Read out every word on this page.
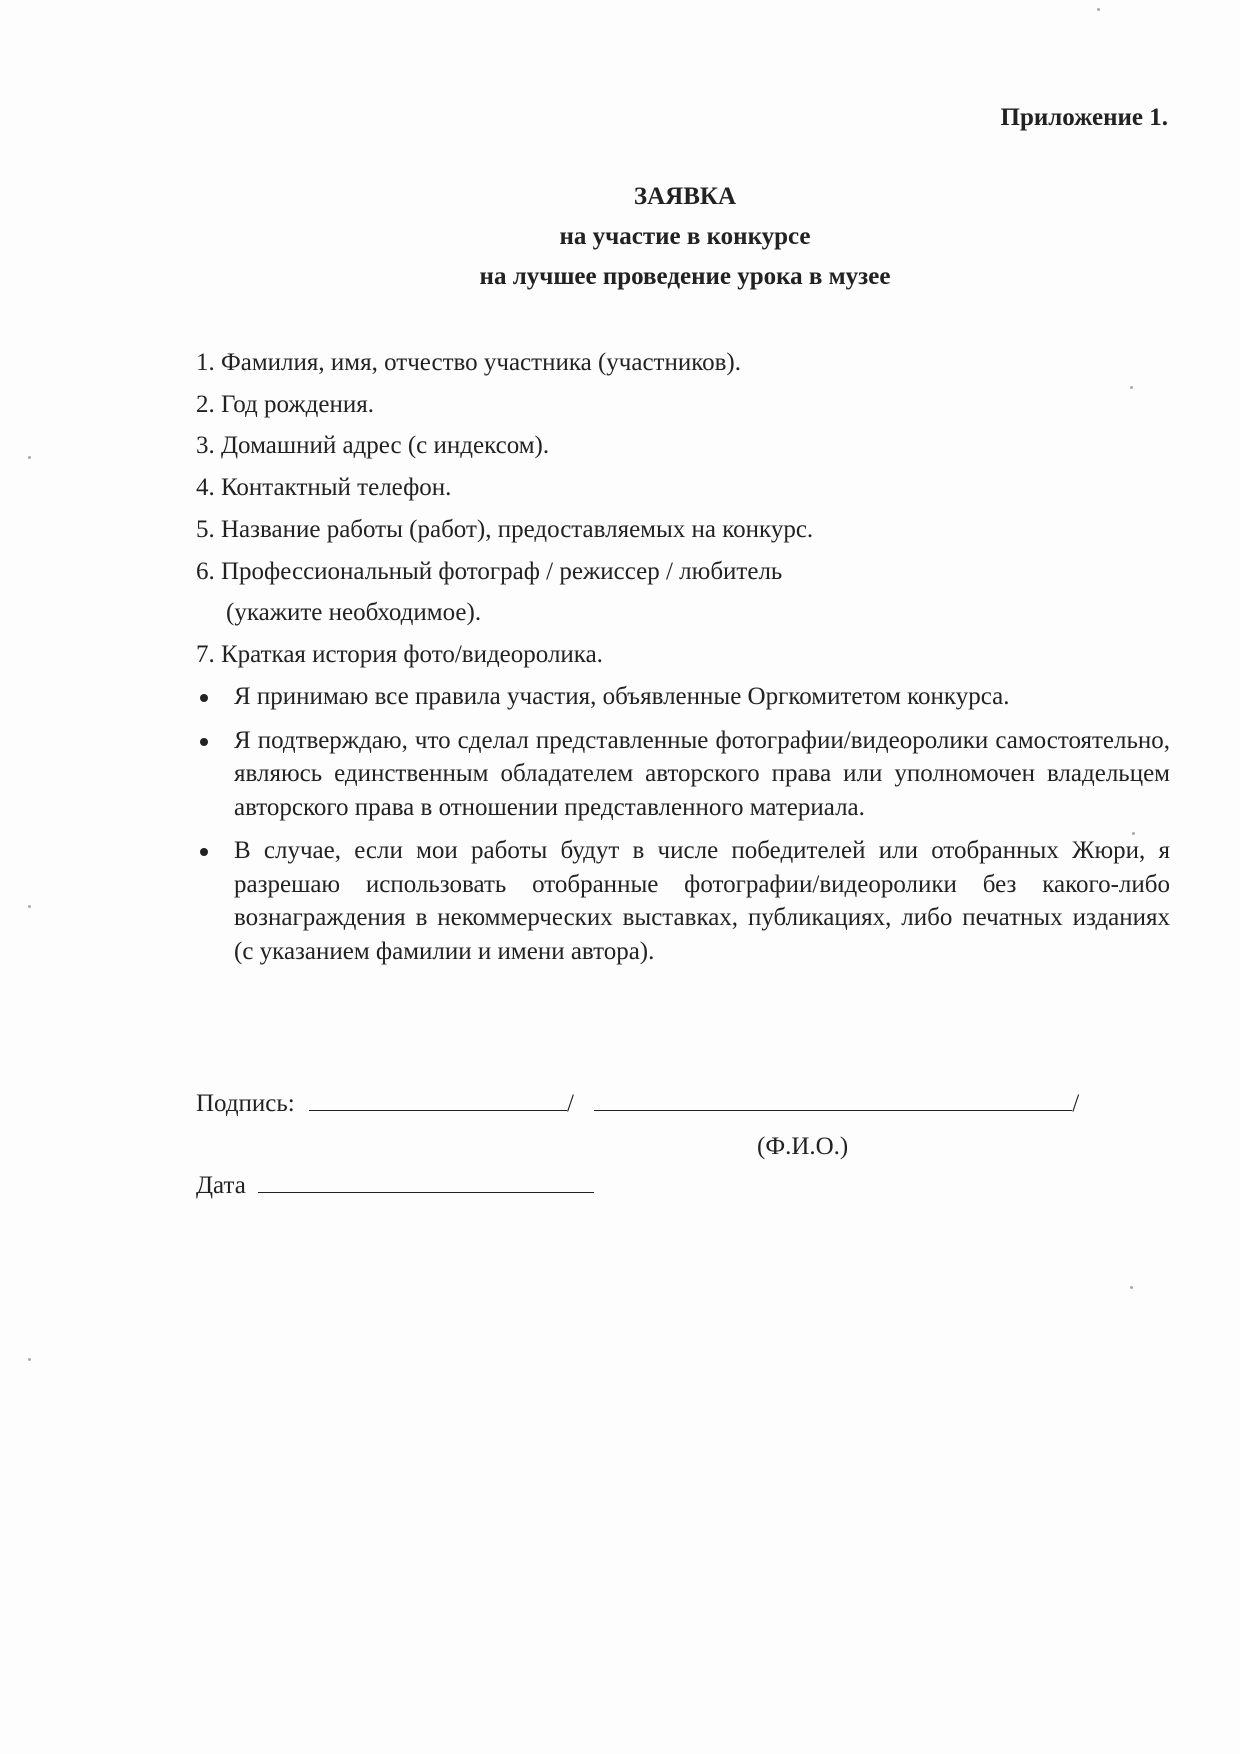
Приложение 1.
ЗАЯВКА
на участие в конкурсе
на лучшее проведение урока в музее
1. Фамилия, имя, отчество участника (участников).
2. Год рождения.
3. Домашний адрес (с индексом).
4. Контактный телефон.
5. Название работы (работ), предоставляемых на конкурс.
6. Профессиональный фотограф / режиссер / любитель
(укажите необходимое).
7. Краткая история фото/видеоролика.
Я принимаю все правила участия, объявленные Оргкомитетом конкурса.
Я подтверждаю, что сделал представленные фотографии/видеоролики самостоятельно, являюсь единственным обладателем авторского права или уполномочен владельцем авторского права в отношении представленного материала.
В случае, если мои работы будут в числе победителей или отобранных Жюри, я разрешаю использовать отобранные фотографии/видеоролики без какого-либо вознаграждения в некоммерческих выставках, публикациях, либо печатных изданиях (с указанием фамилии и имени автора).
Подпись:	/	/
(Ф.И.О.)
Дата
